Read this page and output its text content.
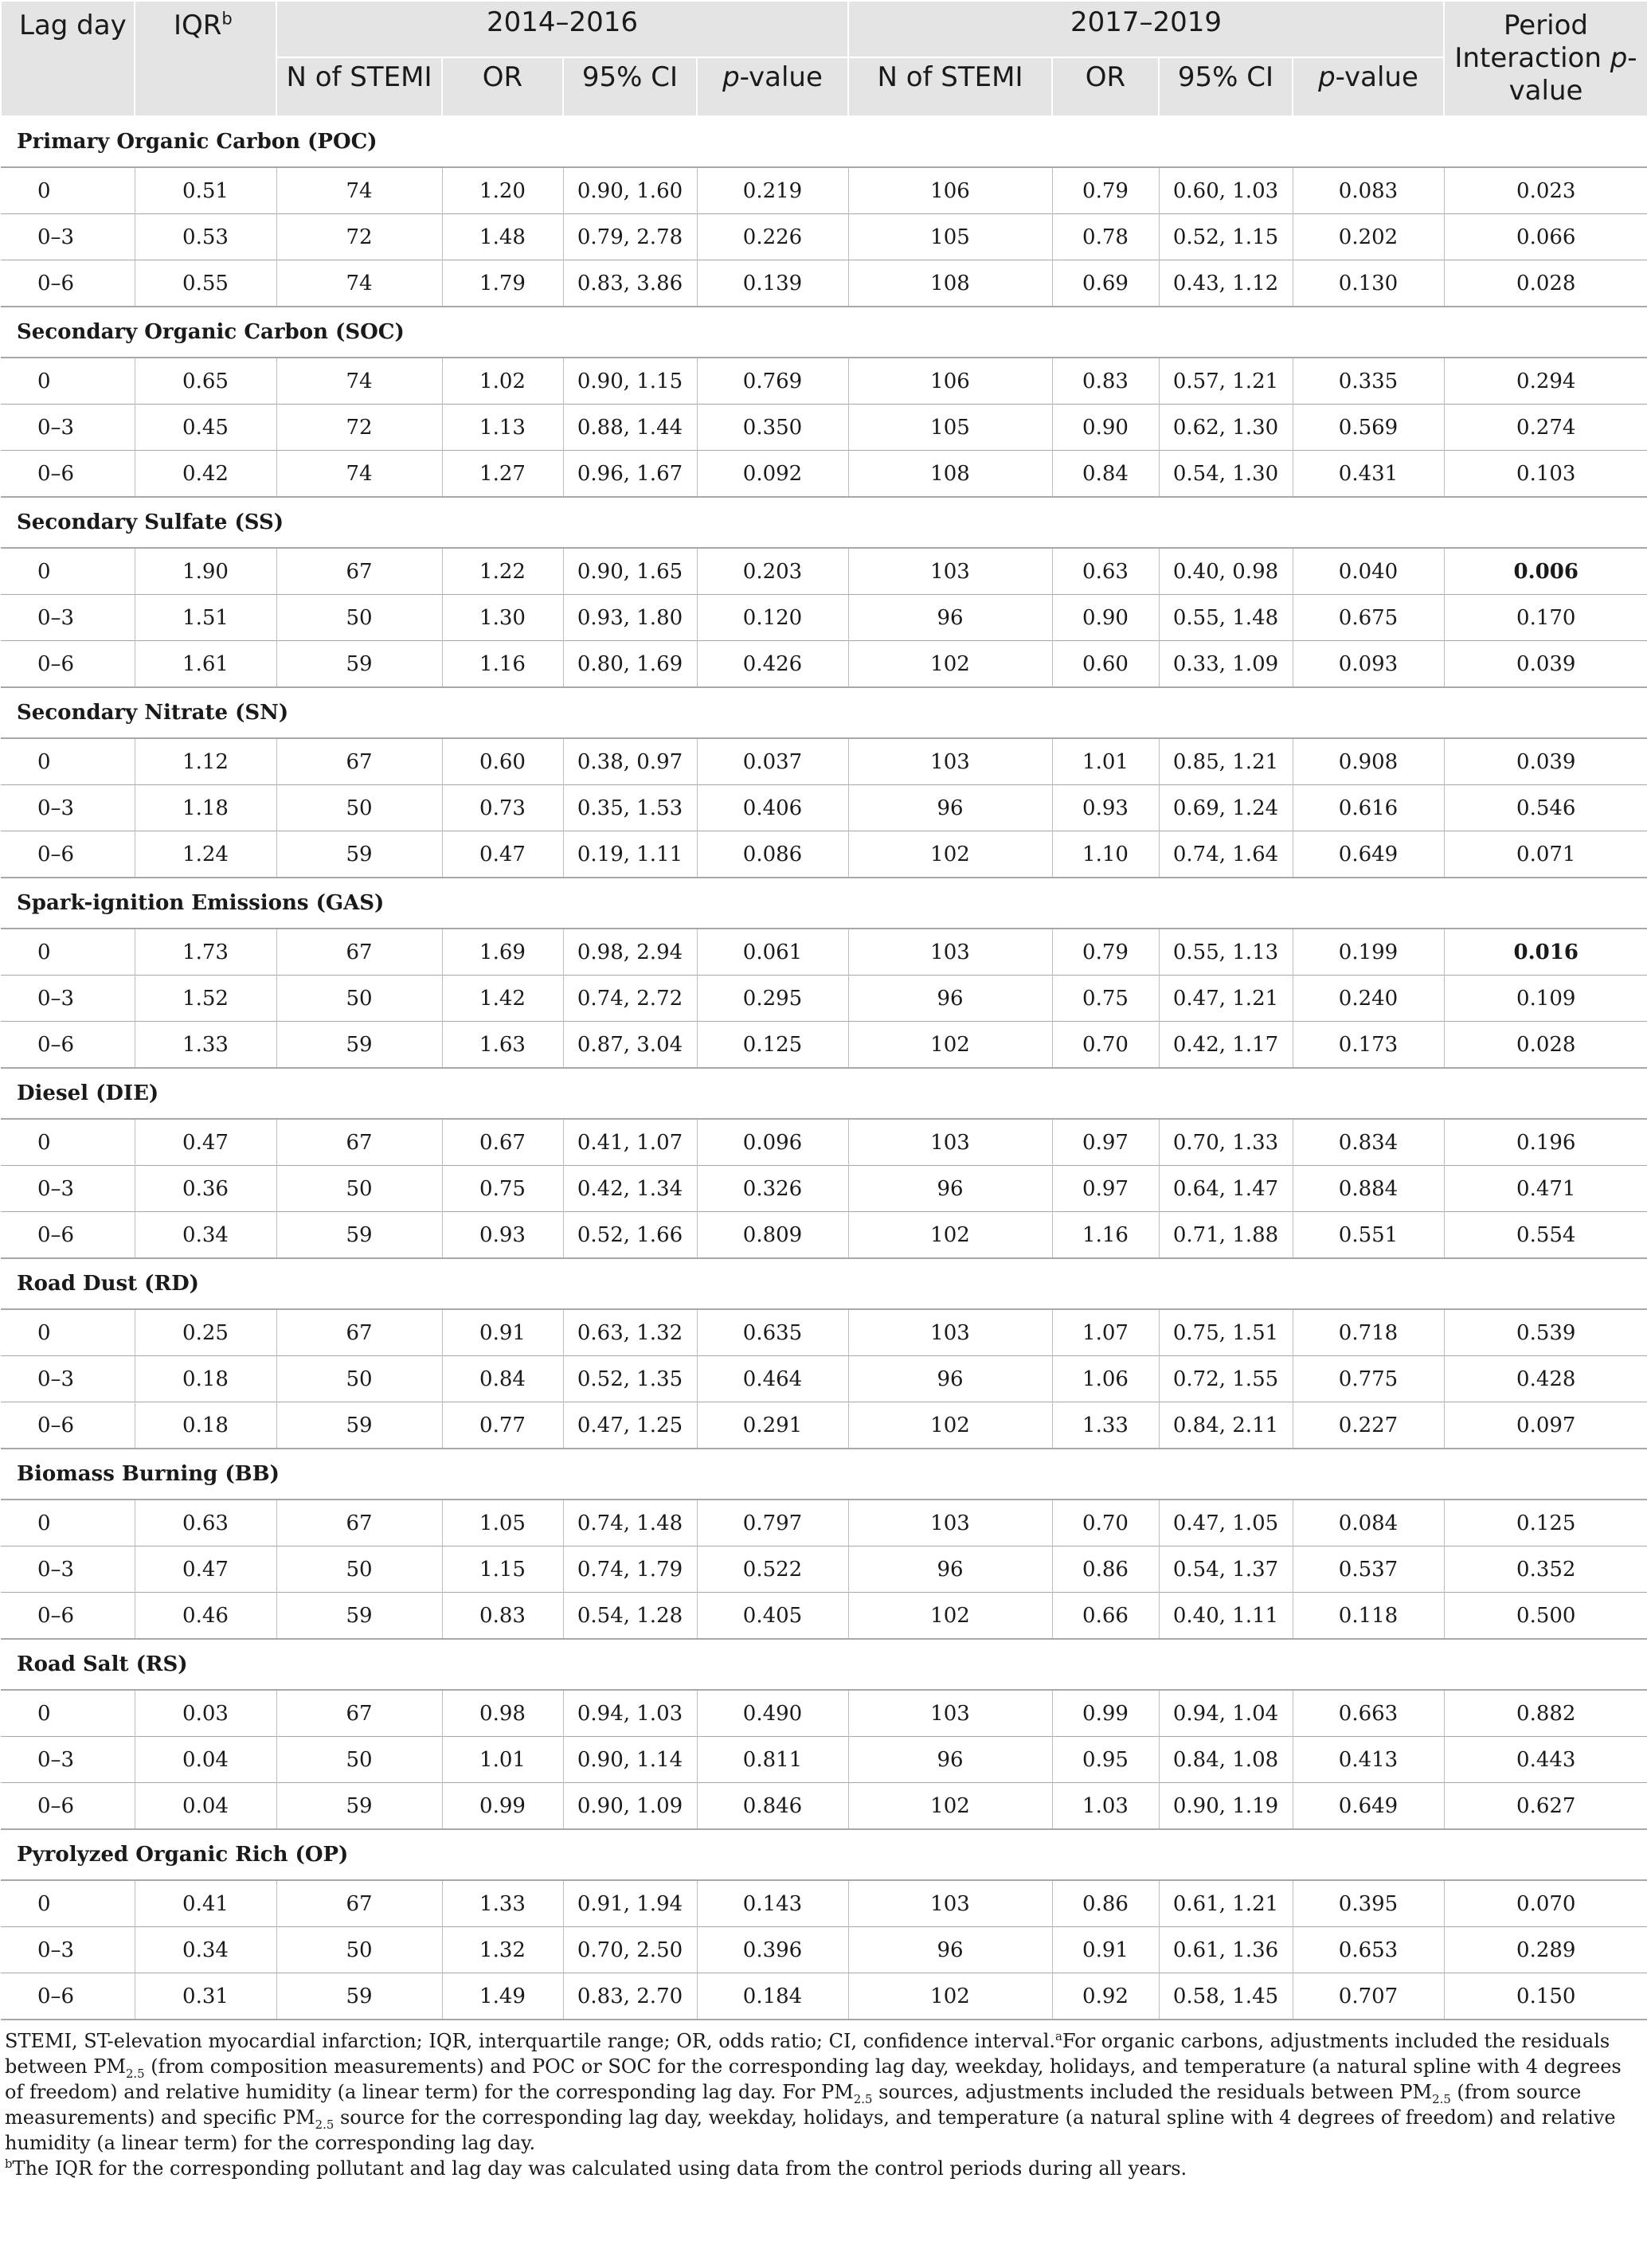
Lag day	IQR$^b$	2014–2016				2017–2019				Period Interaction p-value
		N of STEMI	OR	95% CI	p-value	N of STEMI	OR	95% CI	p-value	
Primary Organic Carbon (POC)										
0	0.51	74	1.20	0.90, 1.60	0.219	106	0.79	0.60, 1.03	0.083	0.023
0–3	0.53	72	1.48	0.79, 2.78	0.226	105	0.78	0.52, 1.15	0.202	0.066
0–6	0.55	74	1.79	0.83, 3.86	0.139	108	0.69	0.43, 1.12	0.130	0.028
Secondary Organic Carbon (SOC)										
0	0.65	74	1.02	0.90, 1.15	0.769	106	0.83	0.57, 1.21	0.335	0.294
0–3	0.45	72	1.13	0.88, 1.44	0.350	105	0.90	0.62, 1.30	0.569	0.274
0–6	0.42	74	1.27	0.96, 1.67	0.092	108	0.84	0.54, 1.30	0.431	0.103
Secondary Sulfate (SS)										
0	1.90	67	1.22	0.90, 1.65	0.203	103	0.63	0.40, 0.98	0.040	0.006
0–3	1.51	50	1.30	0.93, 1.80	0.120	96	0.90	0.55, 1.48	0.675	0.170
0–6	1.61	59	1.16	0.80, 1.69	0.426	102	0.60	0.33, 1.09	0.093	0.039
Secondary Nitrate (SN)										
0	1.12	67	0.60	0.38, 0.97	0.037	103	1.01	0.85, 1.21	0.908	0.039
0–3	1.18	50	0.73	0.35, 1.53	0.406	96	0.93	0.69, 1.24	0.616	0.546
0–6	1.24	59	0.47	0.19, 1.11	0.086	102	1.10	0.74, 1.64	0.649	0.071
Spark-ignition Emissions (GAS)										
0	1.73	67	1.69	0.98, 2.94	0.061	103	0.79	0.55, 1.13	0.199	0.016
0–3	1.52	50	1.42	0.74, 2.72	0.295	96	0.75	0.47, 1.21	0.240	0.109
0–6	1.33	59	1.63	0.87, 3.04	0.125	102	0.70	0.42, 1.17	0.173	0.028
Diesel (DIE)										
0	0.47	67	0.67	0.41, 1.07	0.096	103	0.97	0.70, 1.33	0.834	0.196
0–3	0.36	50	0.75	0.42, 1.34	0.326	96	0.97	0.64, 1.47	0.884	0.471
0–6	0.34	59	0.93	0.52, 1.66	0.809	102	1.16	0.71, 1.88	0.551	0.554
Road Dust (RD)										
0	0.25	67	0.91	0.63, 1.32	0.635	103	1.07	0.75, 1.51	0.718	0.539
0–3	0.18	50	0.84	0.52, 1.35	0.464	96	1.06	0.72, 1.55	0.775	0.428
0–6	0.18	59	0.77	0.47, 1.25	0.291	102	1.33	0.84, 2.11	0.227	0.097
Biomass Burning (BB)										
0	0.63	67	1.05	0.74, 1.48	0.797	103	0.70	0.47, 1.05	0.084	0.125
0–3	0.47	50	1.15	0.74, 1.79	0.522	96	0.86	0.54, 1.37	0.537	0.352
0–6	0.46	59	0.83	0.54, 1.28	0.405	102	0.66	0.40, 1.11	0.118	0.500
Road Salt (RS)										
0	0.03	67	0.98	0.94, 1.03	0.490	103	0.99	0.94, 1.04	0.663	0.882
0–3	0.04	50	1.01	0.90, 1.14	0.811	96	0.95	0.84, 1.08	0.413	0.443
0–6	0.04	59	0.99	0.90, 1.09	0.846	102	1.03	0.90, 1.19	0.649	0.627
Pyrolyzed Organic Rich (OP)										
0	0.41	67	1.33	0.91, 1.94	0.143	103	0.86	0.61, 1.21	0.395	0.070
0–3	0.34	50	1.32	0.70, 2.50	0.396	96	0.91	0.61, 1.36	0.653	0.289
0–6	0.31	59	1.49	0.83, 2.70	0.184	102	0.92	0.58, 1.45	0.707	0.150

STEMI, ST-elevation myocardial infarction; IQR, interquartile range; OR, odds ratio; CI, confidence interval.$^a$For organic carbons, adjustments included the residuals between $PM_{2.5}$ (from composition measurements) and POC or SOC for the corresponding lag day, weekday, holidays, and temperature (a natural spline with 4 degrees of freedom) and relative humidity (a linear term) for the corresponding lag day. For $PM_{2.5}$ sources, adjustments included the residuals between $PM_{2.5}$ (from source measurements) and specific $PM_{2.5}$ source for the corresponding lag day, weekday, holidays, and temperature (a natural spline with 4 degrees of freedom) and relative humidity (a linear term) for the corresponding lag day.

$^b$The IQR for the corresponding pollutant and lag day was calculated using data from the control periods during all years.
